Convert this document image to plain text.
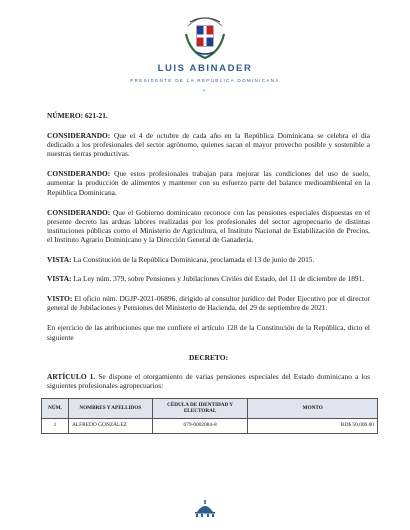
LUIS ABINADER
PRESIDENTE DE LA REPÚBLICA DOMINICANA
•
NÚMERO: 621-21.
CONSIDERANDO: Que el 4 de octubre de cada año en la República Dominicana se celebra el día dedicado a los profesionales del sector agrónomo, quienes sacan el mayor provecho posible y sostenible a nuestras tierras productivas.
CONSIDERANDO: Que estos profesionales trabajan para mejorar las condiciones del uso de suelo, aumentar la producción de alimentos y mantener con su esfuerzo parte del balance medioambiental en la República Dominicana.
CONSIDERANDO: Que el Gobierno dominicano reconoce con las pensiones especiales dispuestas en el presente decreto las arduas labores realizadas por los profesionales del sector agropecuario de distintas instituciones públicas como el Ministerio de Agricultura, el Instituto Nacional de Estabilización de Precios, el Instituto Agrario Dominicano y la Dirección General de Ganadería.
VISTA: La Constitución de la República Dominicana, proclamada el 13 de junio de 2015.
VISTA: La Ley núm. 379, sobre Pensiones y Jubilaciones Civiles del Estado, del 11 de diciembre de 1891.
VISTO: El oficio núm. DGJP-2021-06896, dirigido al consultor jurídico del Poder Ejecutivo por el director general de Jubilaciones y Pensiones del Ministerio de Hacienda, del 29 de septiembre de 2021.
En ejercicio de las atribuciones que me confiere el artículo 128 de la Constitución de la República, dicto el siguiente
DECRETO:
ARTÍCULO 1. Se dispone el otorgamiento de varias pensiones especiales del Estado dominicano a los siguientes profesionales agropecuarios:
NÚM.	NOMBRES Y APELLIDOS	CÉDULA DE IDENTIDAD Y ELECTORAL	MONTO
1	ALFREDO GONZÁLEZ	079-0002084-8	RD$ 50,000.00
